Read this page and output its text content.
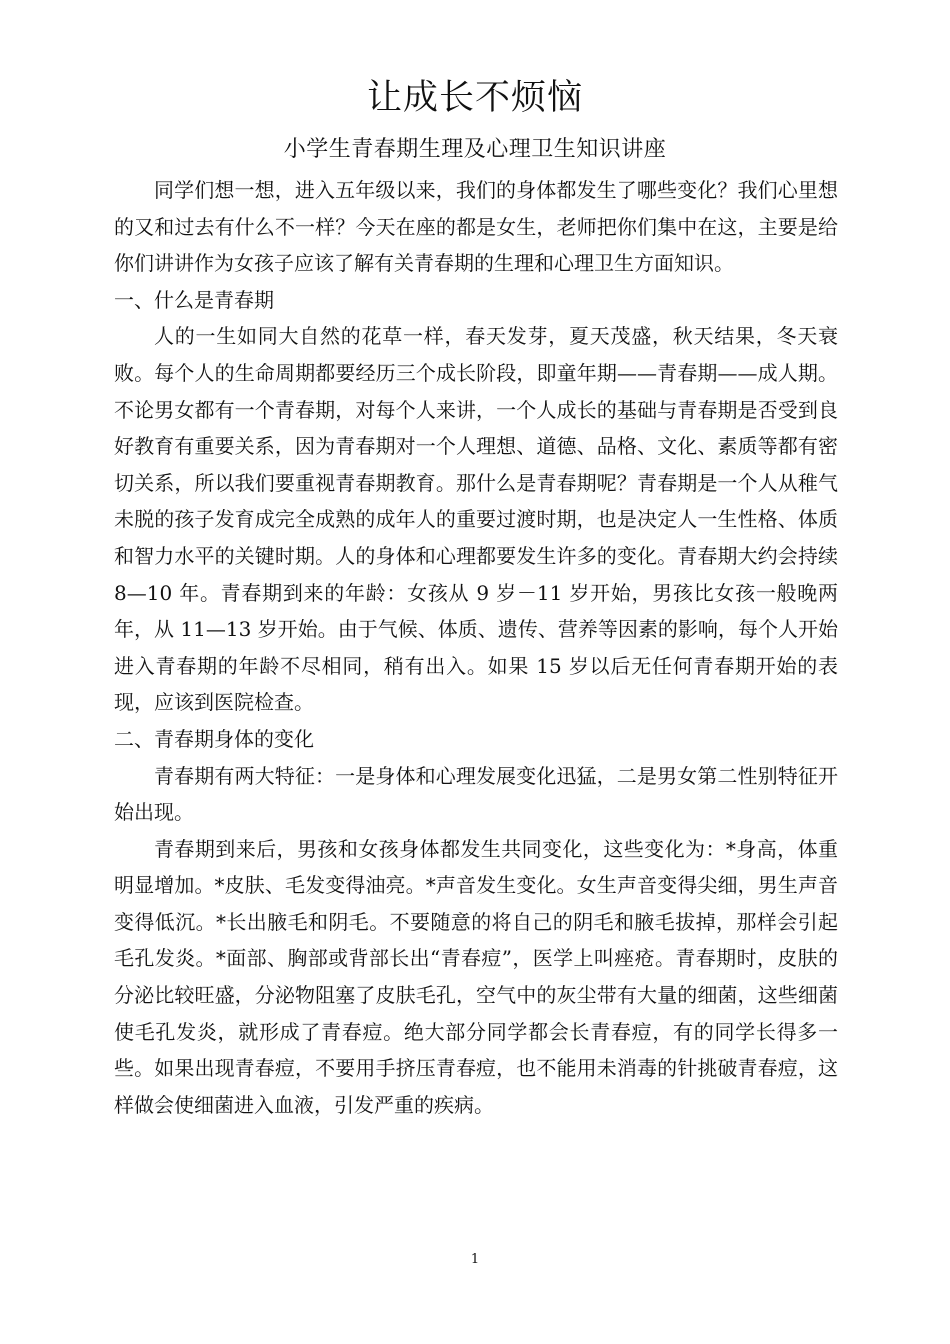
让成长不烦恼
小学生青春期生理及心理卫生知识讲座

同学们想一想，进入五年级以来，我们的身体都发生了哪些变化？我们心里想的又和过去有什么不一样？今天在座的都是女生，老师把你们集中在这，主要是给你们讲讲作为女孩子应该了解有关青春期的生理和心理卫生方面知识。

一、什么是青春期

人的一生如同大自然的花草一样，春天发芽，夏天茂盛，秋天结果，冬天衰败。每个人的生命周期都要经历三个成长阶段，即童年期——青春期——成人期。不论男女都有一个青春期，对每个人来讲，一个人成长的基础与青春期是否受到良好教育有重要关系，因为青春期对一个人理想、道德、品格、文化、素质等都有密切关系，所以我们要重视青春期教育。那什么是青春期呢？青春期是一个人从稚气未脱的孩子发育成完全成熟的成年人的重要过渡时期，也是决定人一生性格、体质和智力水平的关键时期。人的身体和心理都要发生许多的变化。青春期大约会持续 8—10 年。青春期到来的年龄：女孩从 9 岁－11 岁开始，男孩比女孩一般晚两年，从 11—13 岁开始。由于气候、体质、遗传、营养等因素的影响，每个人开始进入青春期的年龄不尽相同，稍有出入。如果 15 岁以后无任何青春期开始的表现，应该到医院检查。

二、青春期身体的变化

青春期有两大特征：一是身体和心理发展变化迅猛，二是男女第二性别特征开始出现。

青春期到来后，男孩和女孩身体都发生共同变化，这些变化为：*身高，体重明显增加。*皮肤、毛发变得油亮。*声音发生变化。女生声音变得尖细，男生声音变得低沉。*长出腋毛和阴毛。不要随意的将自己的阴毛和腋毛拔掉，那样会引起毛孔发炎。*面部、胸部或背部长出“青春痘”，医学上叫痤疮。青春期时，皮肤的分泌比较旺盛，分泌物阻塞了皮肤毛孔，空气中的灰尘带有大量的细菌，这些细菌使毛孔发炎，就形成了青春痘。绝大部分同学都会长青春痘，有的同学长得多一些。如果出现青春痘，不要用手挤压青春痘，也不能用未消毒的针挑破青春痘，这样做会使细菌进入血液，引发严重的疾病。

1
